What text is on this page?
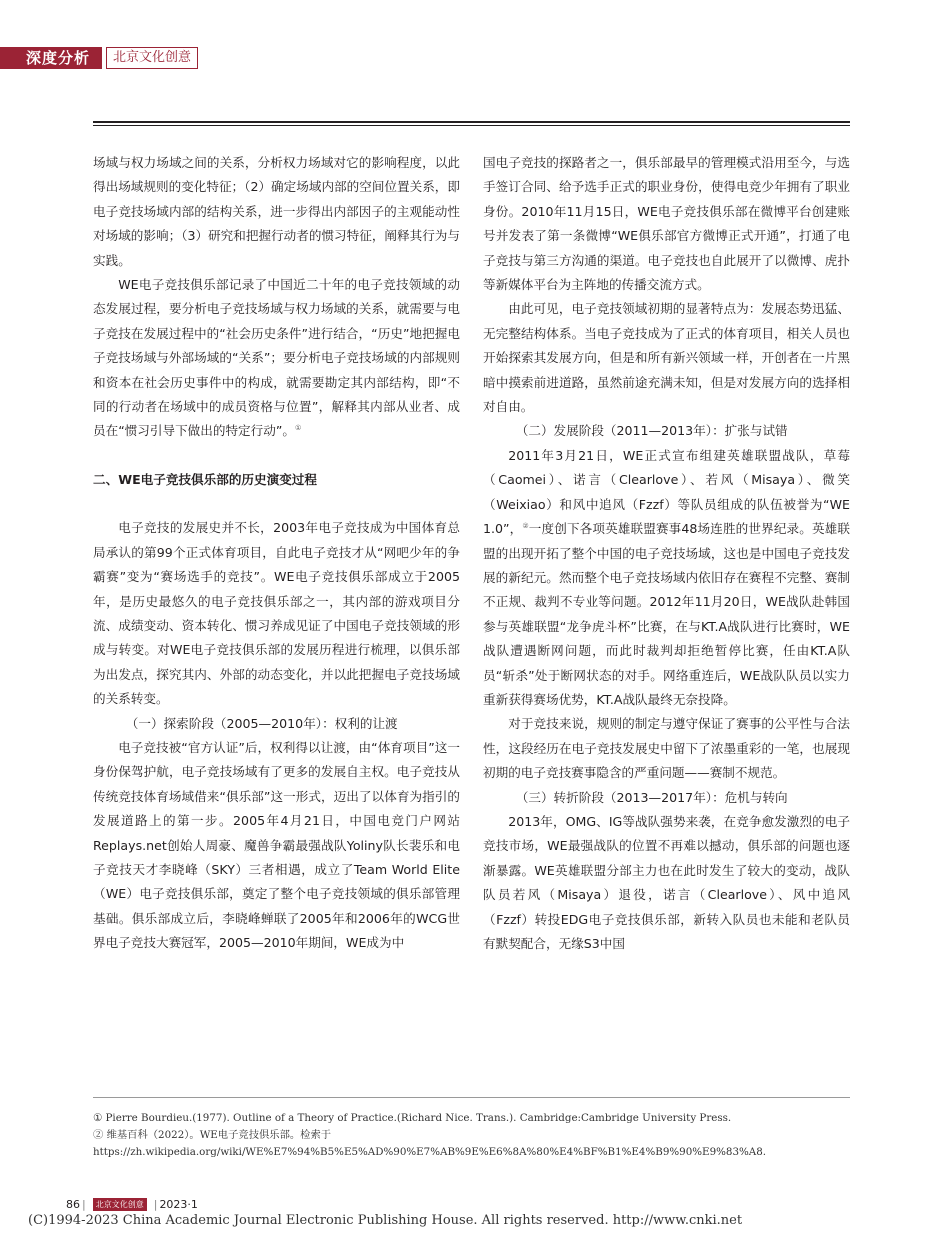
深度分析	北京文化创意

场域与权力场域之间的关系，分析权力场域对它的影响程度，以此得出场域规则的变化特征；（2）确定场域内部的空间位置关系，即电子竞技场域内部的结构关系，进一步得出内部因子的主观能动性对场域的影响；（3）研究和把握行动者的惯习特征，阐释其行为与实践。

WE电子竞技俱乐部记录了中国近二十年的电子竞技领域的动态发展过程，要分析电子竞技场域与权力场域的关系，就需要与电子竞技在发展过程中的“社会历史条件”进行结合，“历史”地把握电子竞技场域与外部场域的“关系”；要分析电子竞技场域的内部规则和资本在社会历史事件中的构成，就需要勘定其内部结构，即“不同的行动者在场域中的成员资格与位置”，解释其内部从业者、成员在“惯习引导下做出的特定行动”。①

二、WE电子竞技俱乐部的历史演变过程

电子竞技的发展史并不长，2003年电子竞技成为中国体育总局承认的第99个正式体育项目，自此电子竞技才从“网吧少年的争霸赛”变为“赛场选手的竞技”。WE电子竞技俱乐部成立于2005年，是历史最悠久的电子竞技俱乐部之一，其内部的游戏项目分流、成绩变动、资本转化、惯习养成见证了中国电子竞技领域的形成与转变。对WE电子竞技俱乐部的发展历程进行梳理，以俱乐部为出发点，探究其内、外部的动态变化，并以此把握电子竞技场域的关系转变。

（一）探索阶段（2005—2010年）：权利的让渡

电子竞技被“官方认证”后，权利得以让渡，由“体育项目”这一身份保驾护航，电子竞技场域有了更多的发展自主权。电子竞技从传统竞技体育场域借来“俱乐部”这一形式，迈出了以体育为指引的发展道路上的第一步。2005年4月21日，中国电竞门户网站Replays.net创始人周豪、魔兽争霸最强战队Yoliny队长裴乐和电子竞技天才李晓峰（SKY）三者相遇，成立了Team World Elite（WE）电子竞技俱乐部，奠定了整个电子竞技领域的俱乐部管理基础。俱乐部成立后，李晓峰蝉联了2005年和2006年的WCG世界电子竞技大赛冠军，2005—2010年期间，WE成为中

国电子竞技的探路者之一，俱乐部最早的管理模式沿用至今，与选手签订合同、给予选手正式的职业身份，使得电竞少年拥有了职业身份。2010年11月15日，WE电子竞技俱乐部在微博平台创建账号并发表了第一条微博“WE俱乐部官方微博正式开通”，打通了电子竞技与第三方沟通的渠道。电子竞技也自此展开了以微博、虎扑等新媒体平台为主阵地的传播交流方式。

由此可见，电子竞技领域初期的显著特点为：发展态势迅猛、无完整结构体系。当电子竞技成为了正式的体育项目，相关人员也开始探索其发展方向，但是和所有新兴领域一样，开创者在一片黑暗中摸索前进道路，虽然前途充满未知，但是对发展方向的选择相对自由。

（二）发展阶段（2011—2013年）：扩张与试错

2011年3月21日，WE正式宣布组建英雄联盟战队，草莓（Caomei）、诺言（Clearlove）、若风（Misaya）、微笑（Weixiao）和风中追风（Fzzf）等队员组成的队伍被誉为“WE 1.0”，②一度创下各项英雄联盟赛事48场连胜的世界纪录。英雄联盟的出现开拓了整个中国的电子竞技场域，这也是中国电子竞技发展的新纪元。然而整个电子竞技场域内依旧存在赛程不完整、赛制不正规、裁判不专业等问题。2012年11月20日，WE战队赴韩国参与英雄联盟“龙争虎斗杯”比赛，在与KT.A战队进行比赛时，WE战队遭遇断网问题，而此时裁判却拒绝暂停比赛，任由KT.A队员“斩杀”处于断网状态的对手。网络重连后，WE战队队员以实力重新获得赛场优势，KT.A战队最终无奈投降。

对于竞技来说，规则的制定与遵守保证了赛事的公平性与合法性，这段经历在电子竞技发展史中留下了浓墨重彩的一笔，也展现初期的电子竞技赛事隐含的严重问题——赛制不规范。

（三）转折阶段（2013—2017年）：危机与转向

2013年，OMG、IG等战队强势来袭，在竞争愈发激烈的电子竞技市场，WE最强战队的位置不再难以撼动，俱乐部的问题也逐渐暴露。WE英雄联盟分部主力也在此时发生了较大的变动，战队队员若风（Misaya）退役，诺言（Clearlove）、风中追风（Fzzf）转投EDG电子竞技俱乐部，新转入队员也未能和老队员有默契配合，无缘S3中国

① Pierre Bourdieu.(1977). Outline of a Theory of Practice.(Richard Nice. Trans.). Cambridge:Cambridge University Press.

② 维基百科（2022）。WE电子竞技俱乐部。检索于https://zh.wikipedia.org/wiki/WE%E7%94%B5%E5%AD%90%E7%AB%9E%E6%8A%80%E4%BF%B1%E4%B9%90%E9%83%A8.

86 |	北京文化创意 | 2023·1
(C)1994-2023 China Academic Journal Electronic Publishing House. All rights reserved. http://www.cnki.net
